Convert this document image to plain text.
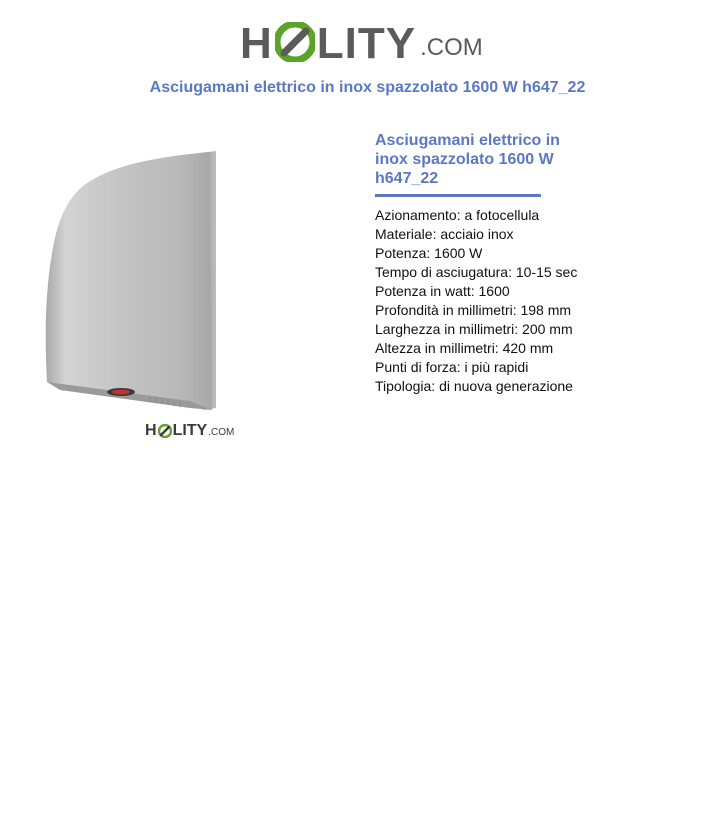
H LITY .COM
Asciugamani elettrico in inox spazzolato 1600 W h647_22
H LITY .COM
Asciugamani elettrico in inox spazzolato 1600 W h647_22
Azionamento: a fotocellula
Materiale: acciaio inox
Potenza: 1600 W
Tempo di asciugatura: 10-15 sec
Potenza in watt: 1600
Profondità in millimetri: 198 mm
Larghezza in millimetri: 200 mm
Altezza in millimetri: 420 mm
Punti di forza: i più rapidi
Tipologia: di nuova generazione
